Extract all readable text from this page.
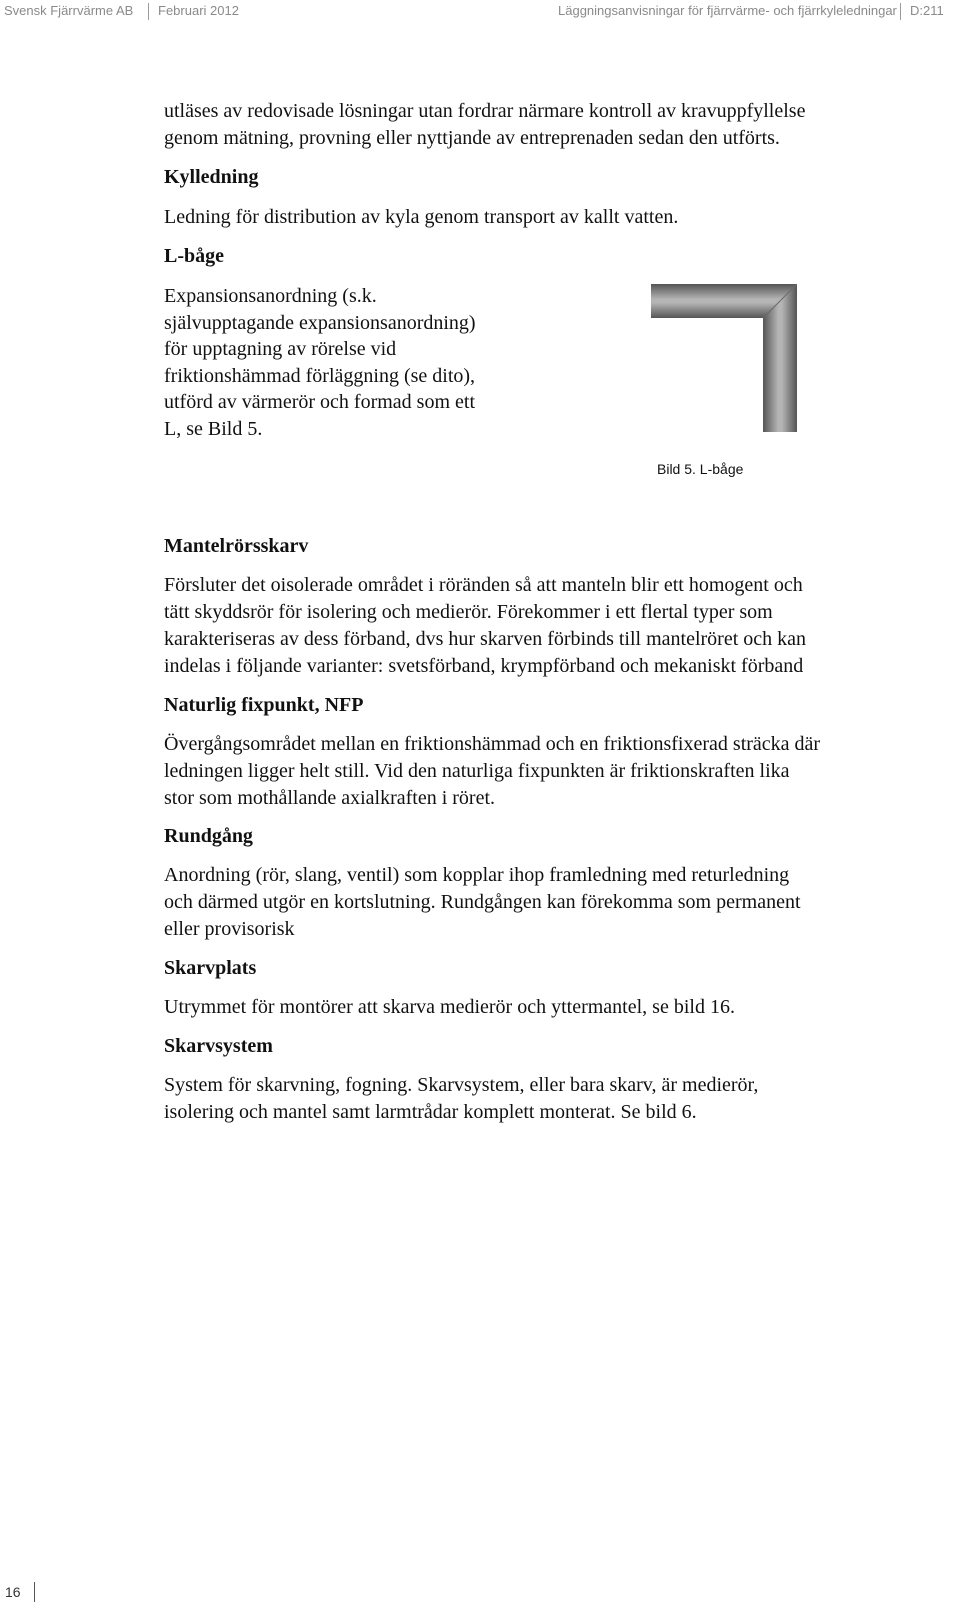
Svensk Fjärrvärme AB Februari 2012	Läggningsanvisningar för fjärrvärme- och fjärrkyleledningar D:211

utläses av redovisade lösningar utan fordrar närmare kontroll av kravuppfyllelse

genom mätning, provning eller nyttjande av entreprenaden sedan den utförts.

Kylledning

Ledning för distribution av kyla genom transport av kallt vatten.

L-båge

Expansionsanordning (s.k.

självupptagande expansionsanordning)

för upptagning av rörelse vid

friktionshämmad förläggning (se dito),

utförd av värmerör och formad som ett

L, se Bild 5.

Bild 5. L-båge

Mantelrörsskarv

Försluter det oisolerade området i röränden så att manteln blir ett homogent och

tätt skyddsrör för isolering och medierör. Förekommer i ett flertal typer som

karakteriseras av dess förband, dvs hur skarven förbinds till mantelröret och kan

indelas i följande varianter: svetsförband, krympförband och mekaniskt förband

Naturlig fixpunkt, NFP

Övergångsområdet mellan en friktionshämmad och en friktionsfixerad sträcka där

ledningen ligger helt still. Vid den naturliga fixpunkten är friktionskraften lika

stor som mothållande axialkraften i röret.

Rundgång

Anordning (rör, slang, ventil) som kopplar ihop framledning med returledning

och därmed utgör en kortslutning. Rundgången kan förekomma som permanent

eller provisorisk

Skarvplats

Utrymmet för montörer att skarva medierör och yttermantel, se bild 16.

Skarvsystem

System för skarvning, fogning. Skarvsystem, eller bara skarv, är medierör,

isolering och mantel samt larmtrådar komplett monterat. Se bild 6.

16
